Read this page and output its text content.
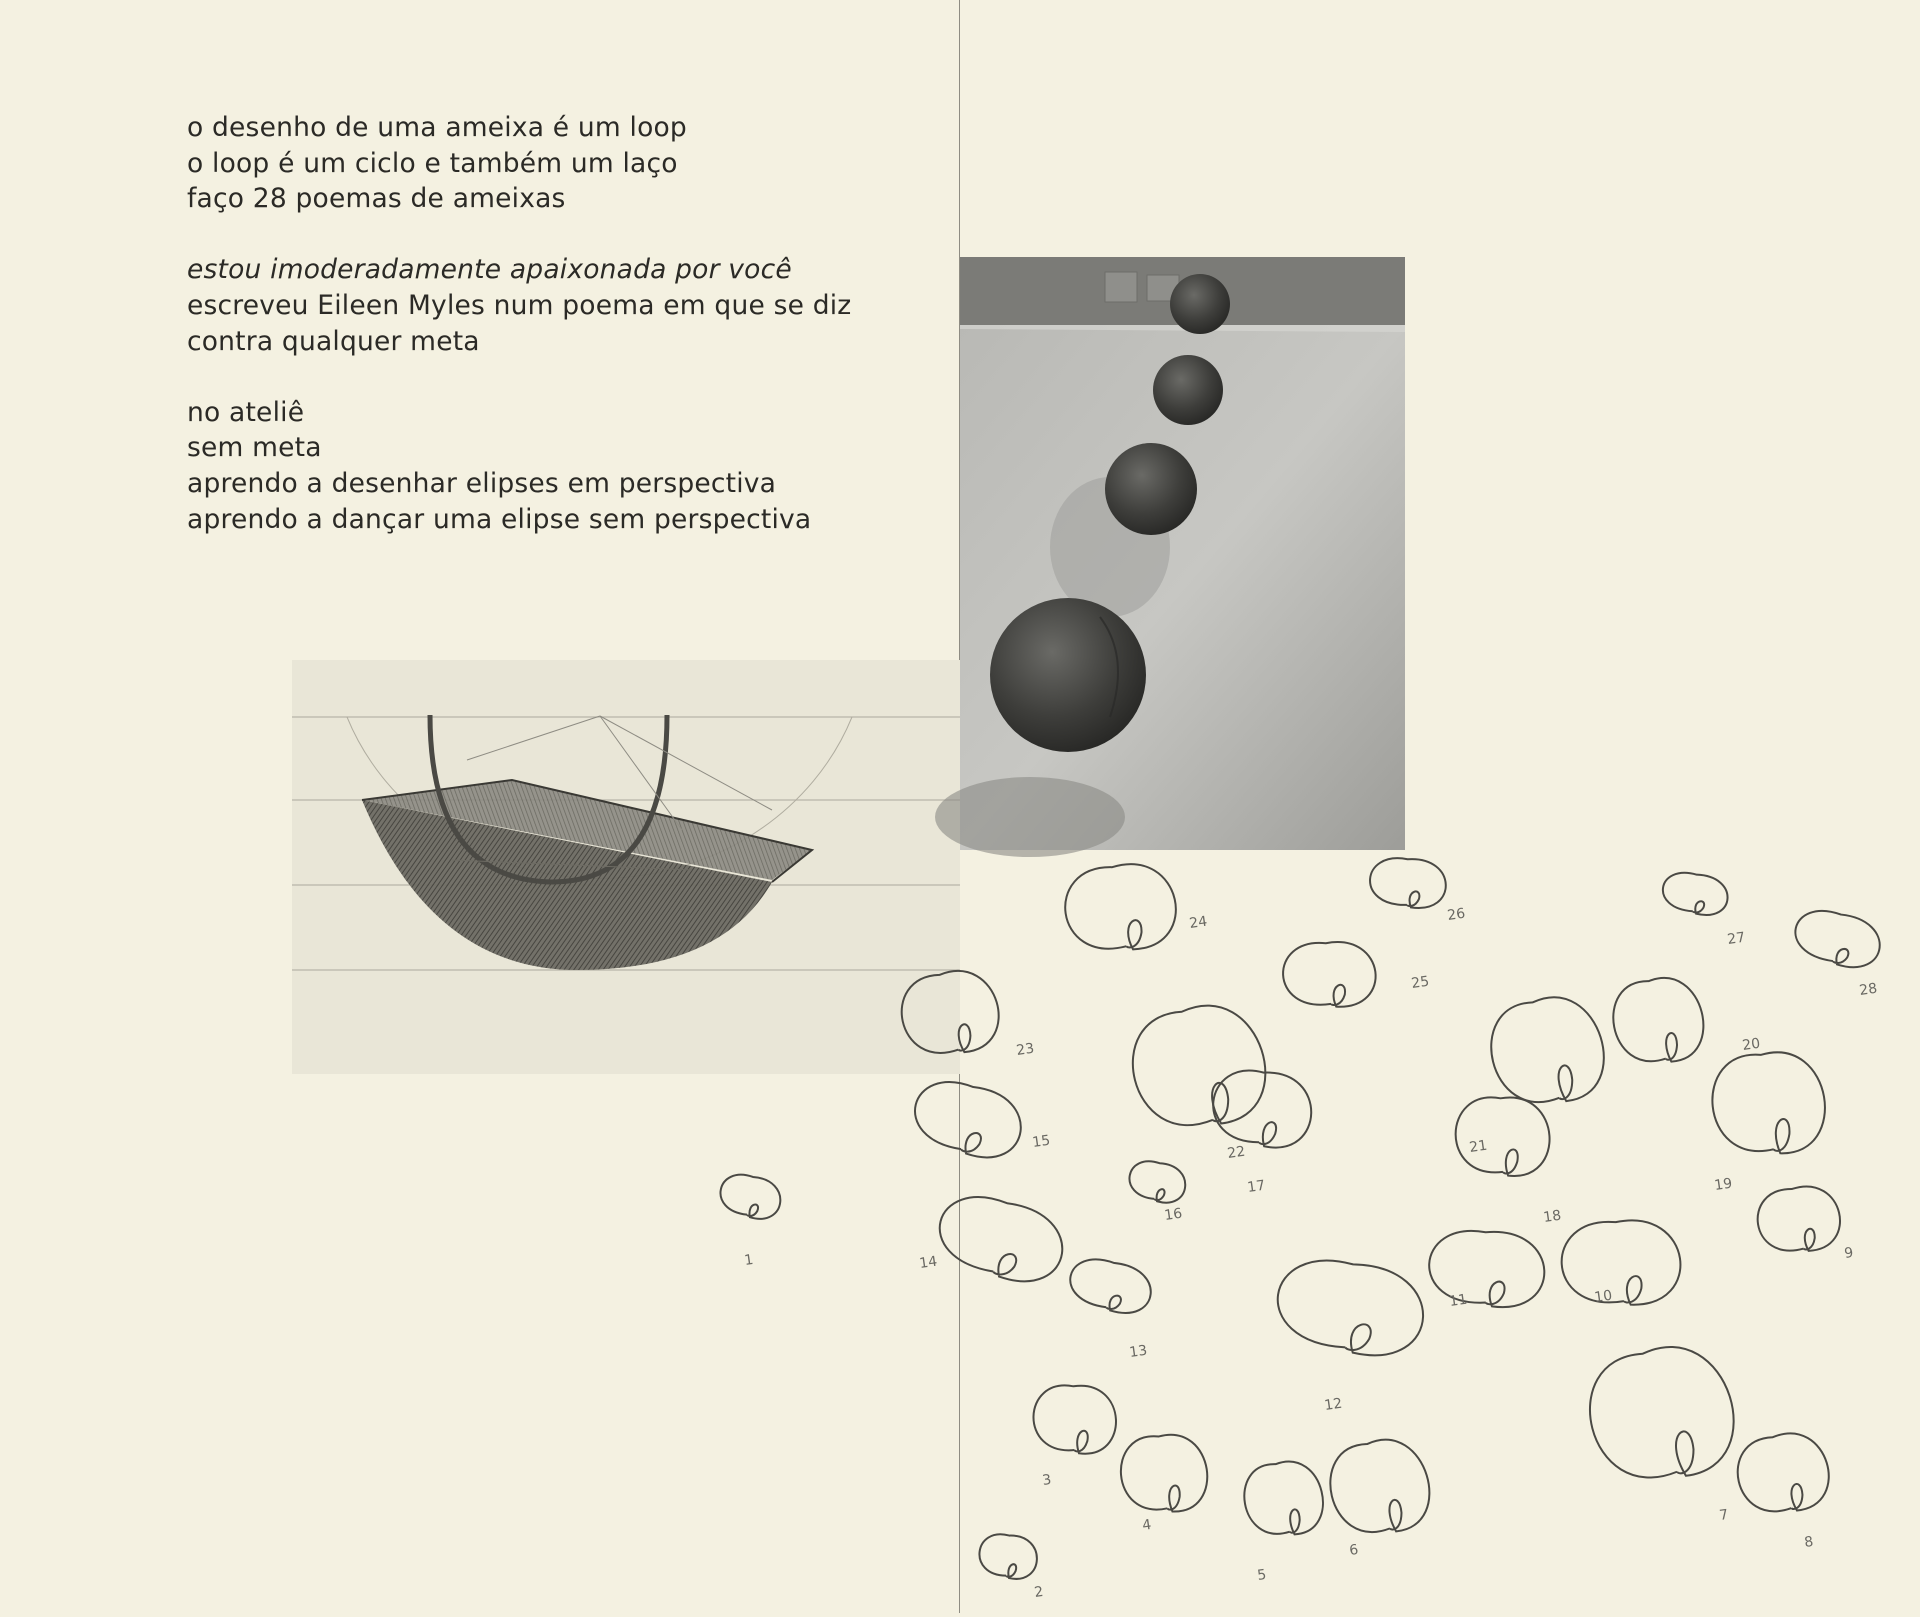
o desenho de uma ameixa é um loop
o loop é um ciclo e também um laço
faço 28 poemas de ameixas
estou imoderadamente apaixonada por você
escreveu Eileen Myles num poema em que se diz
contra qualquer meta
no ateliê
sem meta
aprendo a desenhar elipses em perspectiva
aprendo a dançar uma elipse sem perspectiva
1
2
3
4
5
6
7
8
9
10
11
12
13
14
15
16
17
18
19
20
21
22
23
24
25
26
27
28
